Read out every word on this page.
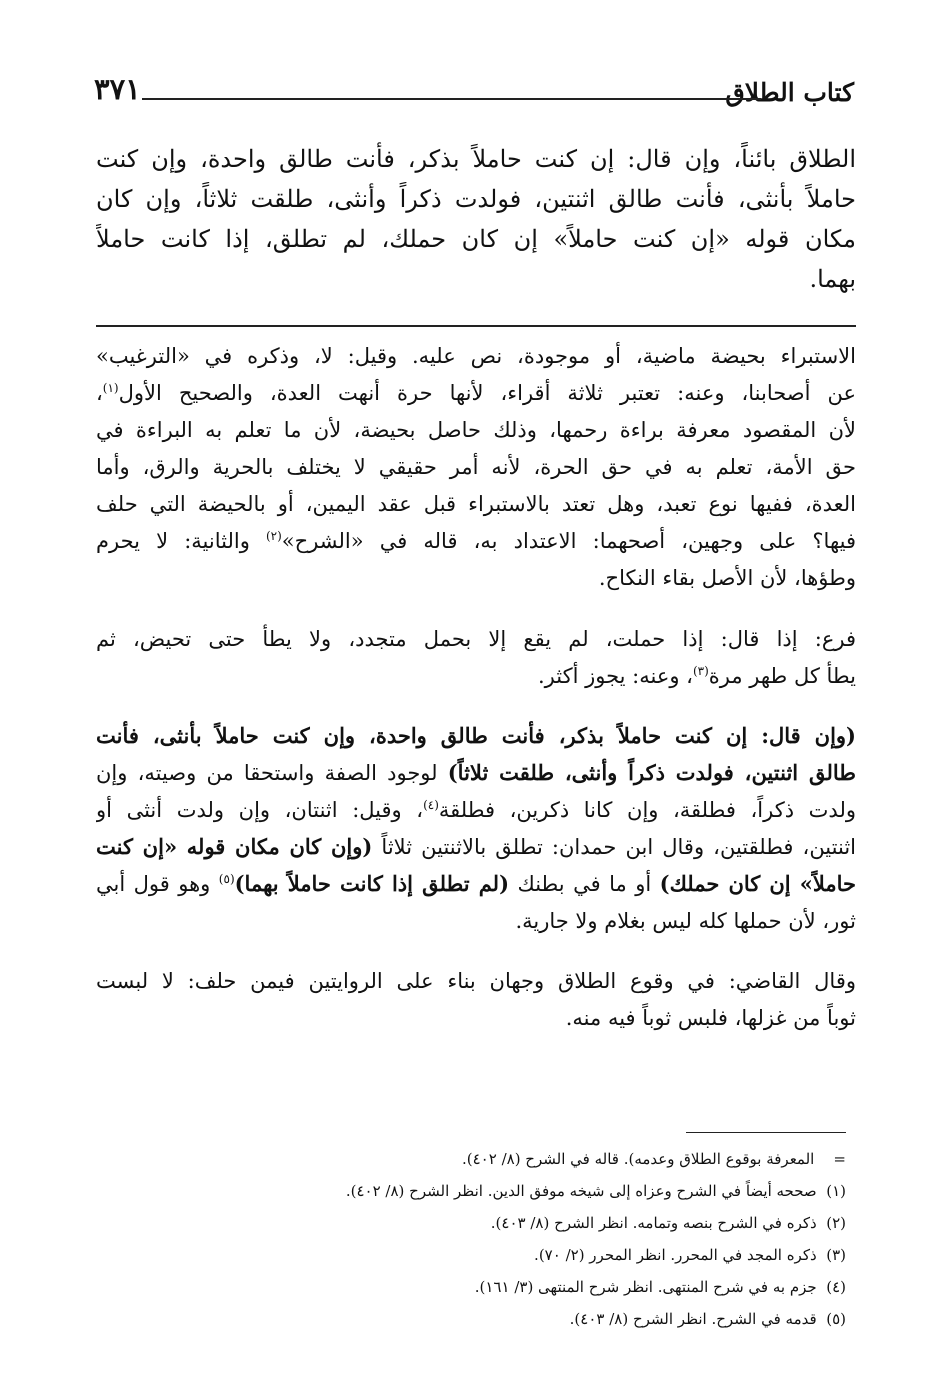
كتاب الطلاق
٣٧١
الطلاق بائناً، وإن قال: إن كنت حاملاً بذكر، فأنت طالق واحدة، وإن كنت
حاملاً بأنثى، فأنت طالق اثنتين، فولدت ذكراً وأنثى، طلقت ثلاثاً، وإن كان
مكان قوله «إن كنت حاملاً» إن كان حملك، لم تطلق، إذا كانت حاملاً
بهما.
الاستبراء بحيضة ماضية، أو موجودة، نص عليه. وقيل: لا، وذكره في «الترغيب»
عن أصحابنا، وعنه: تعتبر ثلاثة أقراء، لأنها حرة أنهت العدة، والصحيح الأول$^{(١)}$،
لأن المقصود معرفة براءة رحمها، وذلك حاصل بحيضة، لأن ما تعلم به البراءة في
حق الأمة، تعلم به في حق الحرة، لأنه أمر حقيقي لا يختلف بالحرية والرق، وأما
العدة، ففيها نوع تعبد، وهل تعتد بالاستبراء قبل عقد اليمين، أو بالحيضة التي حلف
فيها؟ على وجهين، أصحهما: الاعتداد به، قاله في «الشرح»$^{(٢)}$ والثانية: لا يحرم
وطؤها، لأن الأصل بقاء النكاح.
فرع: إذا قال: إذا حملت، لم يقع إلا بحمل متجدد، ولا يطأ حتى تحيض، ثم
يطأ كل طهر مرة$^{(٣)}$، وعنه: يجوز أكثر.
(وإن قال: إن كنت حاملاً بذكر، فأنت طالق واحدة، وإن كنت حاملاً بأنثى، فأنت
طالق اثنتين، فولدت ذكراً وأنثى، طلقت ثلاثاً) لوجود الصفة واستحقا من وصيته، وإن
ولدت ذكراً، فطلقة، وإن كانا ذكرين، فطلقة$^{(٤)}$، وقيل: اثنتان، وإن ولدت أنثى أو
اثنتين، فطلقتين، وقال ابن حمدان: تطلق بالاثنتين ثلاثاً (وإن كان مكان قوله «إن كنت
حاملاً» إن كان حملك) أو ما في بطنك (لم تطلق إذا كانت حاملاً بهما)$^{(٥)}$ وهو قول أبي
ثور، لأن حملها كله ليس بغلام ولا جارية.
وقال القاضي: في وقوع الطلاق وجهان بناء على الروايتين فيمن حلف: لا لبست
ثوباً من غزلها، فلبس ثوباً فيه منه.
=    المعرفة بوقوع الطلاق وعدمه). قاله في الشرح (٨/ ٤٠٢).
(١)  صححه أيضاً في الشرح وعزاه إلى شيخه موفق الدين. انظر الشرح (٨/ ٤٠٢).
(٢)  ذكره في الشرح بنصه وتمامه. انظر الشرح (٨/ ٤٠٣).
(٣)  ذكره المجد في المحرر. انظر المحرر (٢/ ٧٠).
(٤)  جزم به في شرح المنتهى. انظر شرح المنتهى (٣/ ١٦١).
(٥)  قدمه في الشرح. انظر الشرح (٨/ ٤٠٣).
